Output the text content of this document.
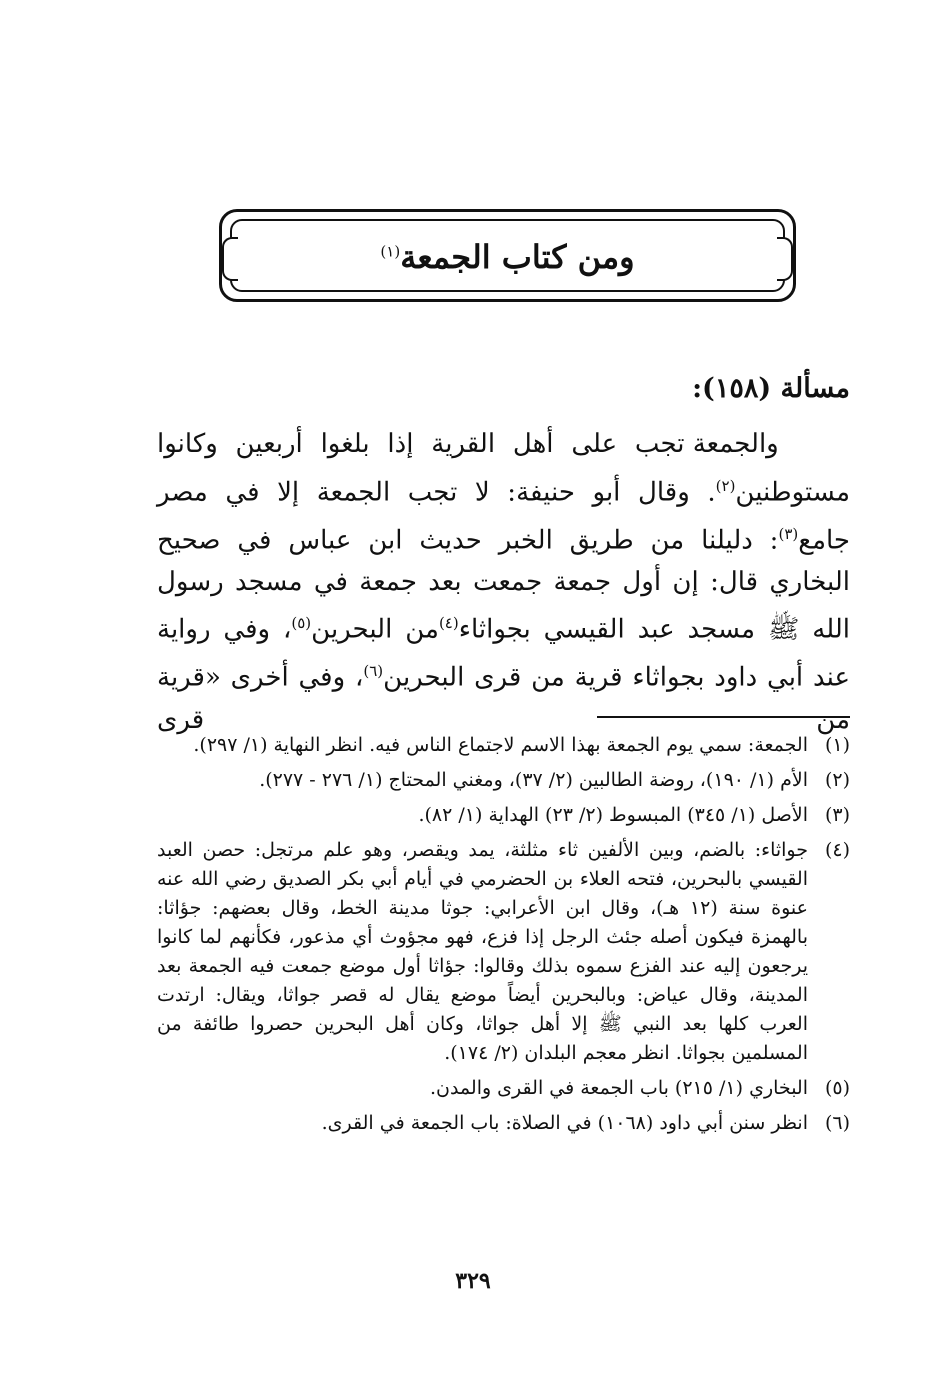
ومن كتاب الجمعة$^{(١)}$
مسألة (١٥٨):

والجمعة تجب على أهل القرية إذا بلغوا أربعين وكانوا مستوطنين$^{(٢)}$. وقال أبو حنيفة: لا تجب الجمعة إلا في مصر جامع$^{(٣)}$: دليلنا من طريق الخبر حديث ابن عباس في صحيح البخاري قال: إن أول جمعة جمعت بعد جمعة في مسجد رسول الله ﷺ مسجد عبد القيسي بجواثاء$^{(٤)}$من البحرين$^{(٥)}$، وفي رواية عند أبي داود بجواثاء قرية من قرى البحرين$^{(٦)}$، وفي أخرى «قرية من قرى

(١)
الجمعة: سمي يوم الجمعة بهذا الاسم لاجتماع الناس فيه. انظر النهاية (١/ ٢٩٧).
(٢)
الأم (١/ ١٩٠)، روضة الطالبين (٢/ ٣٧)، ومغني المحتاج (١/ ٢٧٦ - ٢٧٧).
(٣)
الأصل (١/ ٣٤٥) المبسوط (٢/ ٢٣) الهداية (١/ ٨٢).
(٤)
جواثاء: بالضم، وبين الألفين ثاء مثلثة، يمد ويقصر، وهو علم مرتجل: حصن العبد القيسي بالبحرين، فتحه العلاء بن الحضرمي في أيام أبي بكر الصديق رضي الله عنه عنوة سنة (١٢ هـ)، وقال ابن الأعرابي: جوثا مدينة الخط، وقال بعضهم: جؤاثا: بالهمزة فيكون أصله جئث الرجل إذا فزع، فهو مجؤوث أي مذعور، فكأنهم لما كانوا يرجعون إليه عند الفزع سموه بذلك وقالوا: جؤاثا أول موضع جمعت فيه الجمعة بعد المدينة، وقال عياض: وبالبحرين أيضاً موضع يقال له قصر جواثا، ويقال: ارتدت العرب كلها بعد النبي ﷺ إلا أهل جواثا، وكان أهل البحرين حصروا طائفة من المسلمين بجواثا. انظر معجم البلدان (٢/ ١٧٤).
(٥)
البخاري (١/ ٢١٥) باب الجمعة في القرى والمدن.
(٦)
انظر سنن أبي داود (١٠٦٨) في الصلاة: باب الجمعة في القرى.
٣٢٩
